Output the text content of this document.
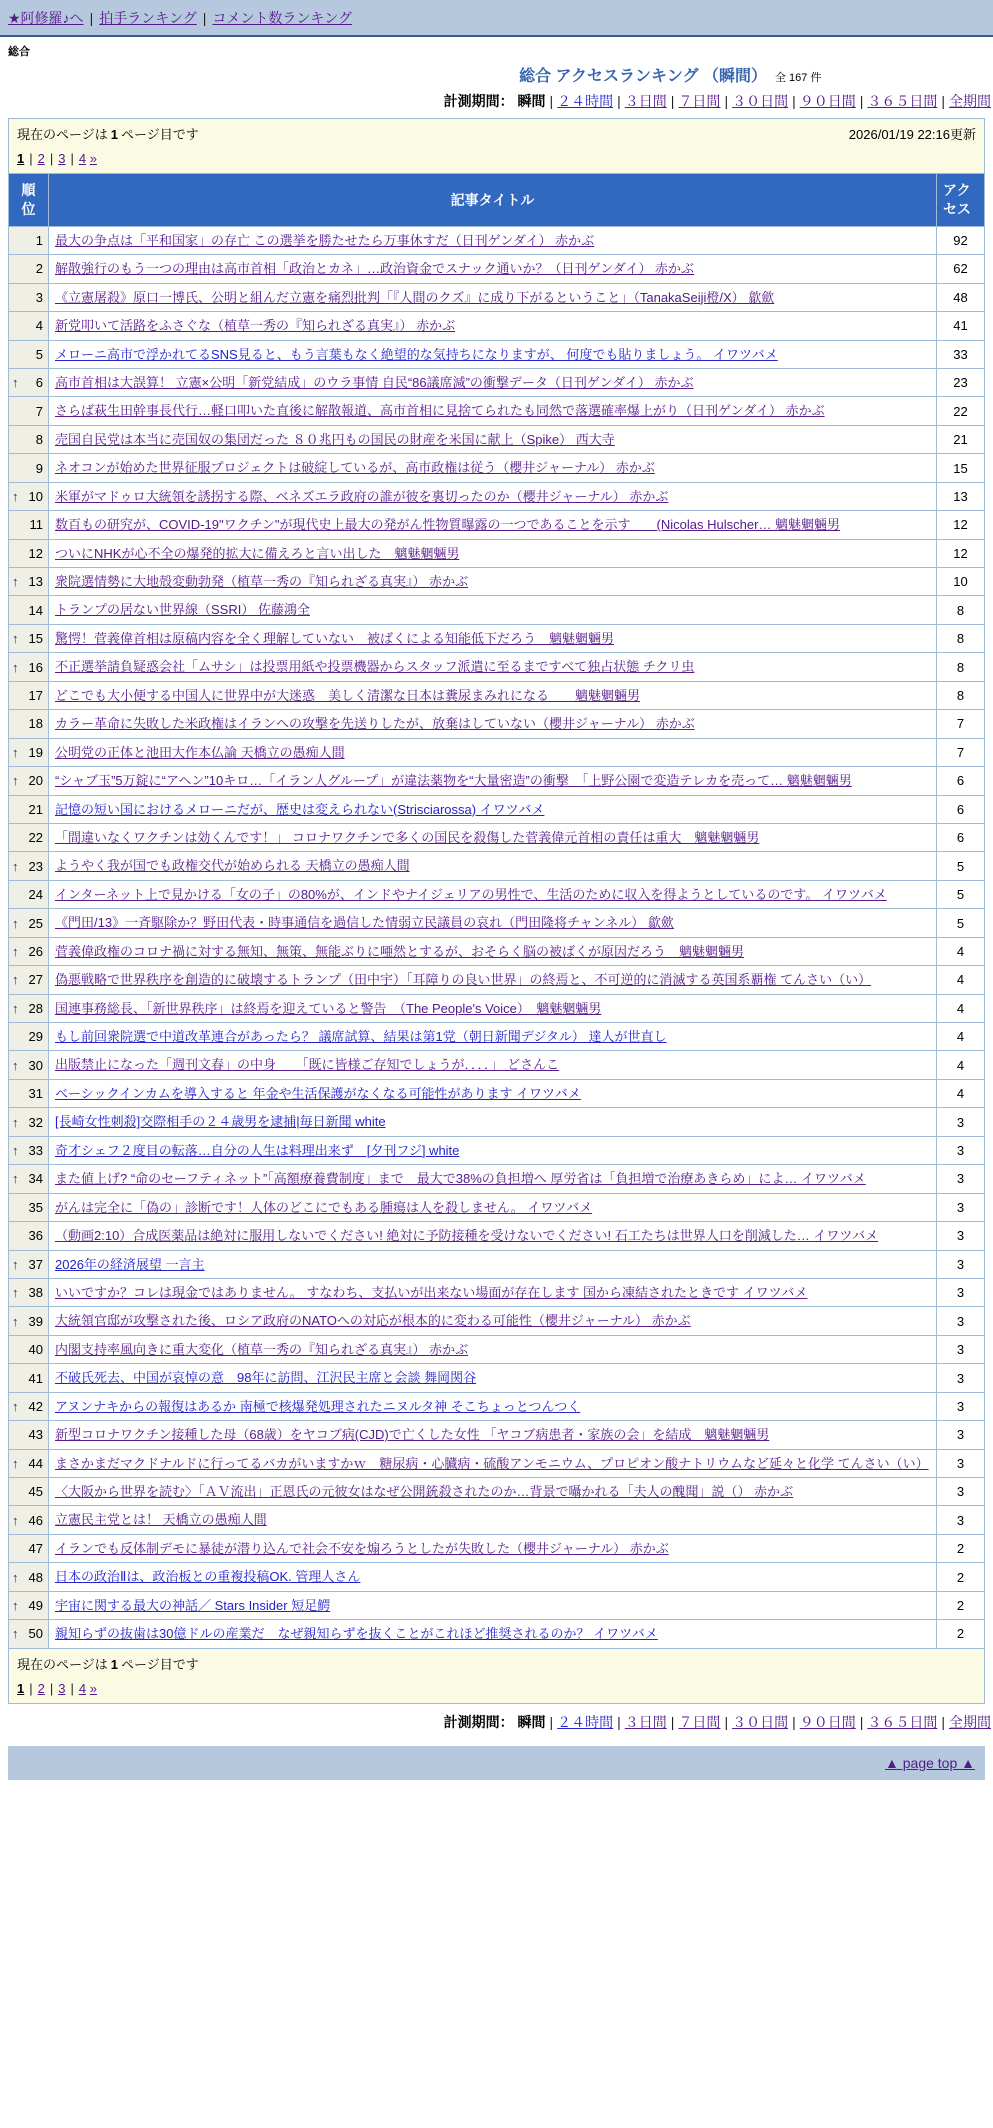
★阿修羅♪へ | 拍手ランキング | コメント数ランキング
総合
総合 アクセスランキング （瞬間） 全 167 件
計測期間： 瞬間 | ２４時間 | ３日間 | ７日間 | ３０日間 | ９０日間 | ３６５日間 | 全期間
現在のページは 1 ページ目です	2026/01/19 22:16更新
1 | 2 | 3 | 4 »
順位	記事タイトル	アクセス
1	最大の争点は「平和国家」の存亡 この選挙を勝たせたら万事休すだ（日刊ゲンダイ） 赤かぶ	92
2	解散強行のもう一つの理由は高市首相「政治とカネ」…政治資金でスナック通いか？（日刊ゲンダイ） 赤かぶ	62
3	《立憲屠殺》原口一博氏、公明と組んだ立憲を痛烈批判「『人間のクズ』に成り下がるということ」（TanakaSeiji橙/X） 歙歛	48
4	新党叩いて活路をふさぐな（植草一秀の『知られざる真実』） 赤かぶ	41
5	メローニ高市で浮かれてるSNS見ると、もう言葉もなく絶望的な気持ちになりますが、 何度でも貼りましょう。 イワツバメ	33

↑ 6	高市首相は大誤算！ 立憲×公明「新党結成」のウラ事情 自民“86議席減”の衝撃データ（日刊ゲンダイ） 赤かぶ	23
7	さらば萩生田幹事長代行…軽口叩いた直後に解散報道、高市首相に見捨てられたも同然で落選確率爆上がり（日刊ゲンダイ） 赤かぶ	22
8	売国自民党は本当に売国奴の集団だった ８０兆円もの国民の財産を米国に献上（Spike） 西大寺	21
9	ネオコンが始めた世界征服プロジェクトは破綻しているが、高市政権は従う（櫻井ジャーナル） 赤かぶ	15

↑ 10	米軍がマドゥロ大統領を誘拐する際、ベネズエラ政府の誰が彼を裏切ったのか（櫻井ジャーナル） 赤かぶ	13
11	数百もの研究が、COVID-19"ワクチン"が現代史上最大の発がん性物質曝露の一つであることを示す　　(Nicolas Hulscher… 魑魅魍魎男	12
12	ついにNHKが心不全の爆発的拡大に備えろと言い出した　魑魅魍魎男	12

↑ 13	衆院選情勢に大地殻変動勃発（植草一秀の『知られざる真実』） 赤かぶ	10
14	トランプの居ない世界線（SSRI） 佐藤鴻全	8

↑ 15	驚愕！菅義偉首相は原稿内容を全く理解していない　被ばくによる知能低下だろう　魑魅魍魎男	8

↑ 16	不正選挙請負疑惑会社「ムサシ」は投票用紙や投票機器からスタッフ派遣に至るまですべて独占状態 チクリ虫	8
17	どこでも大小便する中国人に世界中が大迷惑　美しく清潔な日本は糞尿まみれになる　　魑魅魍魎男	8
18	カラー革命に失敗した米政権はイランへの攻撃を先送りしたが、放棄はしていない（櫻井ジャーナル） 赤かぶ	7

↑ 19	公明党の正体と池田大作本仏論 天橋立の愚痴人間	7

↑ 20	“シャブ玉”5万錠に“アヘン”10キロ…「イラン人グループ」が違法薬物を“大量密造”の衝撃　「上野公園で変造テレカを売って… 魑魅魍魎男	6
21	記憶の短い国におけるメローニだが、歴史は変えられない(Strisciarossa) イワツバメ	6
22	「間違いなくワクチンは効くんです！」 コロナワクチンで多くの国民を殺傷した菅義偉元首相の責任は重大　魑魅魍魎男	6

↑ 23	ようやく我が国でも政権交代が始められる 天橋立の愚痴人間	5
24	インターネット上で見かける「女の子」の80%が、インドやナイジェリアの男性で、生活のために収入を得ようとしているのです。 イワツバメ	5

↑ 25	《門田/13》一斉駆除か？野田代表・時事通信を過信した情弱立民議員の哀れ（門田隆将チャンネル） 歙歛	5

↑ 26	菅義偉政権のコロナ禍に対する無知、無策、無能ぶりに唖然とするが、おそらく脳の被ばくが原因だろう　魑魅魍魎男	4

↑ 27	偽悪戦略で世界秩序を創造的に破壊するトランプ（田中宇）「耳障りの良い世界」の終焉と、不可逆的に消滅する英国系覇権 てんさい（い）	4

↑ 28	国連事務総長、「新世界秩序」は終焉を迎えていると警告　（The People's Voice）　魑魅魍魎男	4
29	もし前回衆院選で中道改革連合があったら？ 議席試算、結果は第1党（朝日新聞デジタル） 達人が世直し	4

↑ 30	出版禁止になった「週刊文春」の中身　　「既に皆様ご存知でしょうが．．．．」 どさんこ	4
31	ベーシックインカムを導入すると 年金や生活保護がなくなる可能性があります イワツバメ	4

↑ 32	[長崎女性刺殺]交際相手の２４歳男を逮捕|毎日新聞 white	3

↑ 33	奇才シェフ２度目の転落…自分の人生は料理出来ず　[夕刊フジ] white	3

↑ 34	また値上げ? “命のセーフティネット”「高額療養費制度」まで　最大で38%の負担増へ 厚労省は「負担増で治療あきらめ」によ… イワツバメ	3
35	がんは完全に「偽の」診断です！人体のどこにでもある腫瘍は人を殺しません。 イワツバメ	3
36	（動画2:10）合成医薬品は絶対に服用しないでください! 絶対に予防接種を受けないでください! 石工たちは世界人口を削減した… イワツバメ	3

↑ 37	2026年の経済展望 一言主	3

↑ 38	いいですか？コレは現金ではありません。 すなわち、支払いが出来ない場面が存在します 国から凍結されたときです イワツバメ	3

↑ 39	大統領官邸が攻撃された後、ロシア政府のNATOへの対応が根本的に変わる可能性（櫻井ジャーナル） 赤かぶ	3
40	内閣支持率風向きに重大変化（植草一秀の『知られざる真実』） 赤かぶ	3
41	不破氏死去、中国が哀悼の意　98年に訪問、江沢民主席と会談 舞岡関谷	3

↑ 42	アヌンナキからの報復はあるか 南極で核爆発処理されたニヌルタ神 そこちょっとつんつく	3
43	新型コロナワクチン接種した母（68歳）をヤコブ病(CJD)で亡くした女性 「ヤコブ病患者・家族の会」を結成　魑魅魍魎男	3

↑ 44	まさかまだマクドナルドに行ってるバカがいますかｗ　糖尿病・心臓病・硫酸アンモニウム、プロピオン酸ナトリウムなど延々と化学 てんさい（い）	3
45	〈大阪から世界を読む〉「ＡＶ流出」正恩氏の元彼女はなぜ公開銃殺されたのか…背景で囁かれる「夫人の醜聞」説（） 赤かぶ	3

↑ 46	立憲民主党とは！ 天橋立の愚痴人間	3
47	イランでも反体制デモに暴徒が潜り込んで社会不安を煽ろうとしたが失敗した（櫻井ジャーナル） 赤かぶ	2

↑ 48	日本の政治Ⅱは、政治板との重複投稿OK. 管理人さん	2

↑ 49	宇宙に関する最大の神話／ Stars Insider 短足鰐	2

↑ 50	親知らずの抜歯は30億ドルの産業だ　なぜ親知らずを抜くことがこれほど推奨されるのか？ イワツバメ	2
現在のページは 1 ページ目です
1 | 2 | 3 | 4 »
計測期間： 瞬間 | ２４時間 | ３日間 | ７日間 | ３０日間 | ９０日間 | ３６５日間 | 全期間
▲ page top ▲
